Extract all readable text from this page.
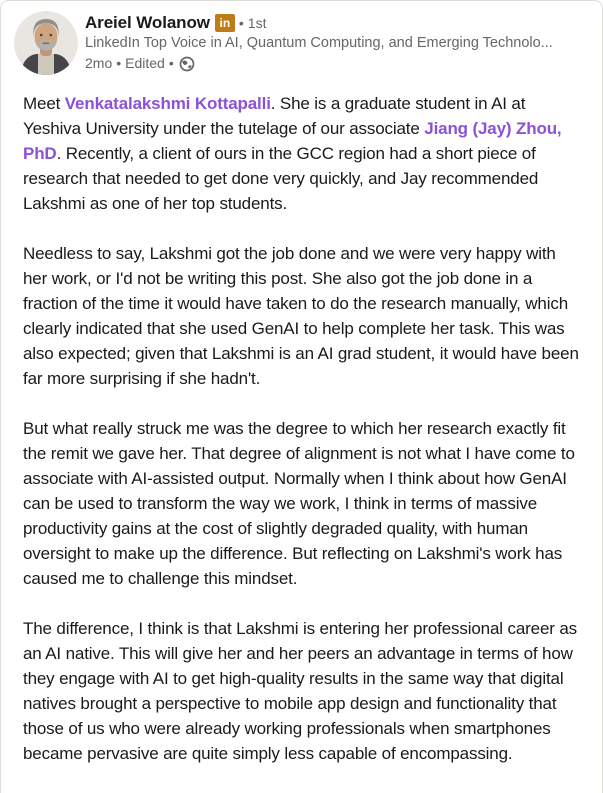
Areiel Wolanow in • 1st
LinkedIn Top Voice in AI, Quantum Computing, and Emerging Technolo...
2mo • Edited •

Meet Venkatalakshmi Kottapalli. She is a graduate student in AI at Yeshiva University under the tutelage of our associate Jiang (Jay) Zhou, PhD. Recently, a client of ours in the GCC region had a short piece of research that needed to get done very quickly, and Jay recommended Lakshmi as one of her top students.

Needless to say, Lakshmi got the job done and we were very happy with her work, or I'd not be writing this post. She also got the job done in a fraction of the time it would have taken to do the research manually, which clearly indicated that she used GenAI to help complete her task. This was also expected; given that Lakshmi is an AI grad student, it would have been far more surprising if she hadn't.

But what really struck me was the degree to which her research exactly fit the remit we gave her. That degree of alignment is not what I have come to associate with AI-assisted output. Normally when I think about how GenAI can be used to transform the way we work, I think in terms of massive productivity gains at the cost of slightly degraded quality, with human oversight to make up the difference. But reflecting on Lakshmi's work has caused me to challenge this mindset.

The difference, I think is that Lakshmi is entering her professional career as an AI native. This will give her and her peers an advantage in terms of how they engage with AI to get high-quality results in the same way that digital natives brought a perspective to mobile app design and functionality that those of us who were already working professionals when smartphones became pervasive are quite simply less capable of encompassing.
